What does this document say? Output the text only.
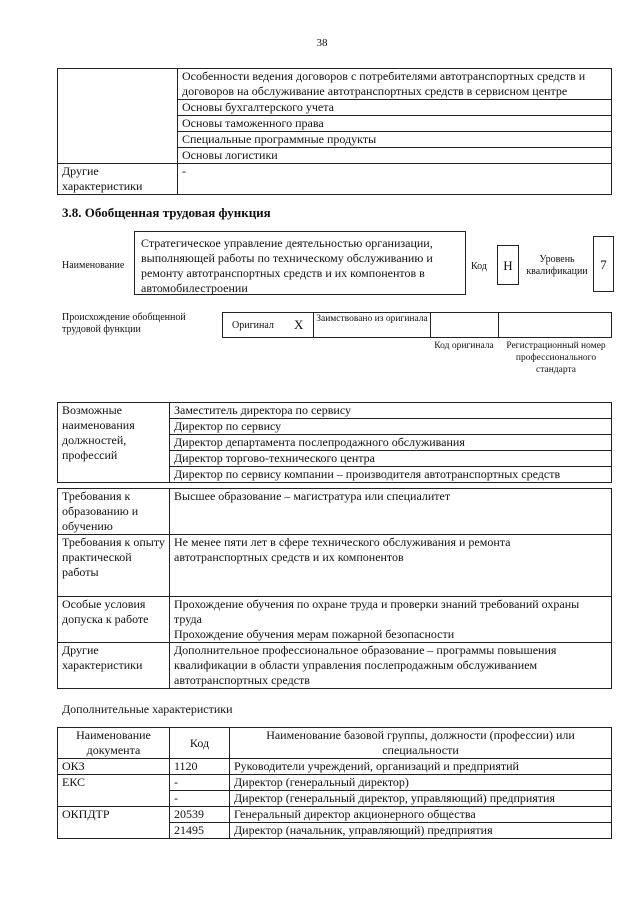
38
	Особенности ведения договоров с потребителями автотранспортных средств и договоров на обслуживание автотранспортных средств в сервисном центре
	Основы бухгалтерского учета
	Основы таможенного права
	Специальные программные продукты
	Основы логистики
Другие характеристики	-
3.8. Обобщенная трудовая функция
Наименование
Стратегическое управление деятельностью организации, выполняющей работы по техническому обслуживанию и ремонту автотранспортных средств и их компонентов в автомобилестроении
Код	H	Уровень квалификации 7
Происхождение обобщенной трудовой функции	Оригинал X Заимствовано из оригинала
Код оригинала	Регистрационный номер профессионального стандарта
Возможные наименования должностей, профессий	Заместитель директора по сервису
Директор по сервису
Директор департамента послепродажного обслуживания
Директор торгово-технического центра
Директор по сервису компании – производителя автотранспортных средств
Требования к образованию и обучению	Высшее образование – магистратура или специалитет
Требования к опыту практической работы	Не менее пяти лет в сфере технического обслуживания и ремонта автотранспортных средств и их компонентов
Особые условия допуска к работе	Прохождение обучения по охране труда и проверки знаний требований охраны труда
Прохождение обучения мерам пожарной безопасности

Другие характеристики	Дополнительное профессиональное образование – программы повышения квалификации в области управления послепродажным обслуживанием автотранспортных средств
Дополнительные характеристики
Наименование документа	Код	Наименование базовой группы, должности (профессии) или специальности
ОКЗ	1120	Руководители учреждений, организаций и предприятий
ЕКС	-	Директор (генеральный директор)
	-	Директор (генеральный директор, управляющий) предприятия
ОКПДТР	20539	Генеральный директор акционерного общества
	21495	Директор (начальник, управляющий) предприятия
